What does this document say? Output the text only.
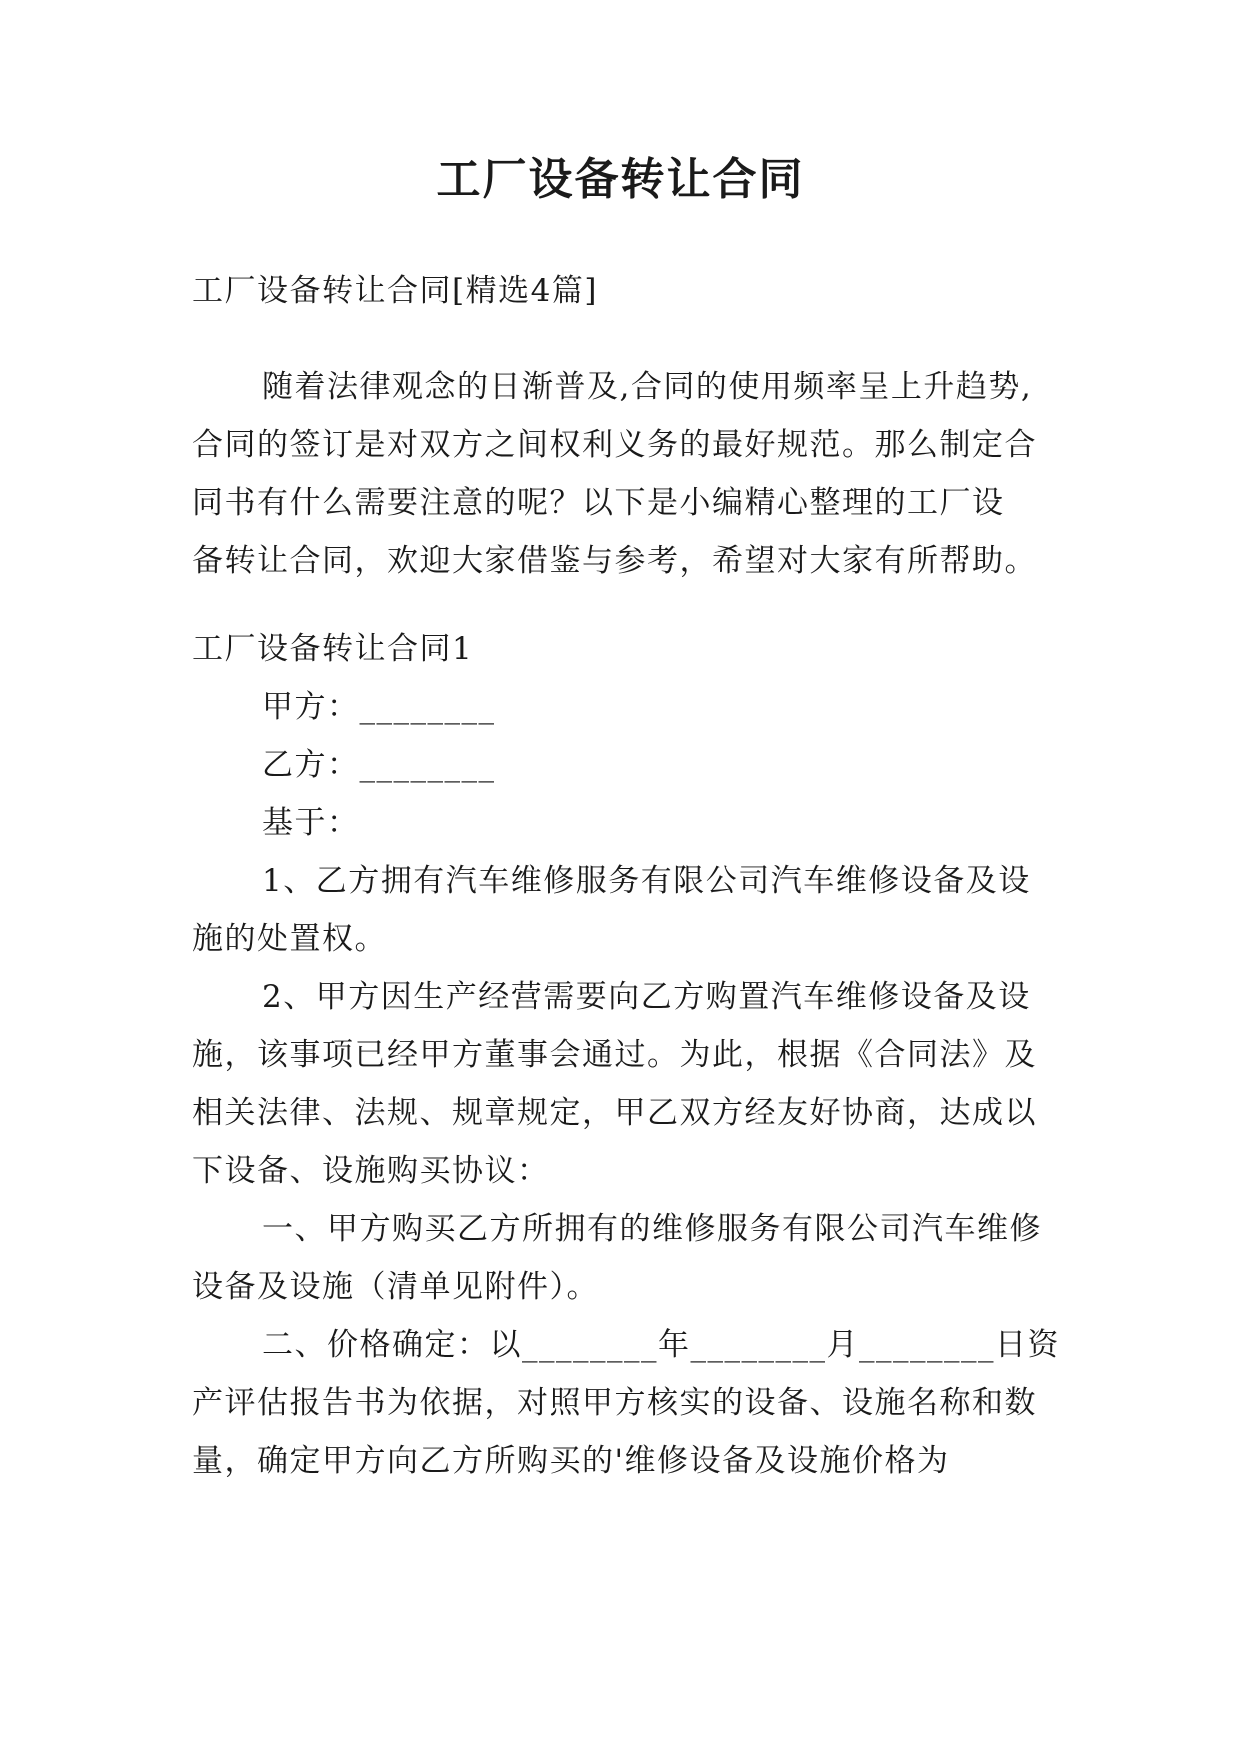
工厂设备转让合同
工厂设备转让合同[精选4篇]
随着法律观念的日渐普及,合同的使用频率呈上升趋势,
合同的签订是对双方之间权利义务的最好规范。那么制定合
同书有什么需要注意的呢？以下是小编精心整理的工厂设
备转让合同，欢迎大家借鉴与参考，希望对大家有所帮助。
工厂设备转让合同1
甲方：________
乙方：________
基于：
1、乙方拥有汽车维修服务有限公司汽车维修设备及设
施的处置权。
2、甲方因生产经营需要向乙方购置汽车维修设备及设
施，该事项已经甲方董事会通过。为此，根据《合同法》及
相关法律、法规、规章规定，甲乙双方经友好协商，达成以
下设备、设施购买协议：
一、甲方购买乙方所拥有的维修服务有限公司汽车维修
设备及设施（清单见附件）。
二、价格确定：以________年________月________日资
产评估报告书为依据，对照甲方核实的设备、设施名称和数
量，确定甲方向乙方所购买的'维修设备及设施价格为
